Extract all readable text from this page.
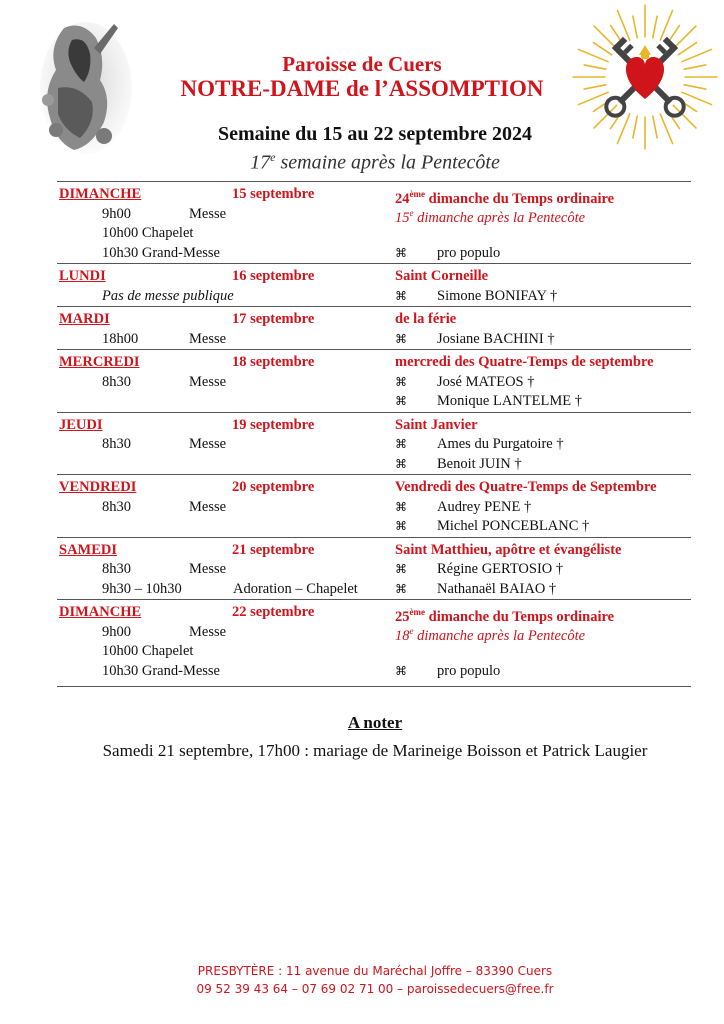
Paroisse de Cuers
NOTRE-DAME de l’ASSOMPTION
Semaine du 15 au 22 septembre 2024
17e semaine après la Pentecôte
DIMANCHE	15 septembre	24ème dimanche du Temps ordinaire
9h00	Messe	15e dimanche après la Pentecôte
10h00 Chapelet
10h30 Grand-Messe	⌘ pro populo
LUNDI	16 septembre	Saint Corneille
Pas de messe publique	⌘ Simone BONIFAY †
MARDI	17 septembre	de la férie
18h00	Messe	⌘ Josiane BACHINI †
MERCREDI	18 septembre	mercredi des Quatre-Temps de septembre
8h30	Messe	⌘ José MATEOS †
⌘ Monique LANTELME †
JEUDI	19 septembre	Saint Janvier
8h30	Messe	⌘ Ames du Purgatoire †
⌘ Benoit JUIN †
VENDREDI	20 septembre	Vendredi des Quatre-Temps de Septembre
8h30	Messe	⌘ Audrey PENE †
⌘ Michel PONCEBLANC †
SAMEDI	21 septembre	Saint Matthieu, apôtre et évangéliste
8h30	Messe	⌘ Régine GERTOSIO †
9h30 – 10h30	Adoration – Chapelet	⌘ Nathanaël BAIAO †
DIMANCHE	22 septembre	25ème dimanche du Temps ordinaire
9h00	Messe	18e dimanche après la Pentecôte
10h00 Chapelet
10h30 Grand-Messe	⌘ pro populo
A noter
Samedi 21 septembre, 17h00 : mariage de Marineige Boisson et Patrick Laugier
PRESBYTÈRE : 11 avenue du Maréchal Joffre – 83390 Cuers
09 52 39 43 64 – 07 69 02 71 00 – paroissedecuers@free.fr
